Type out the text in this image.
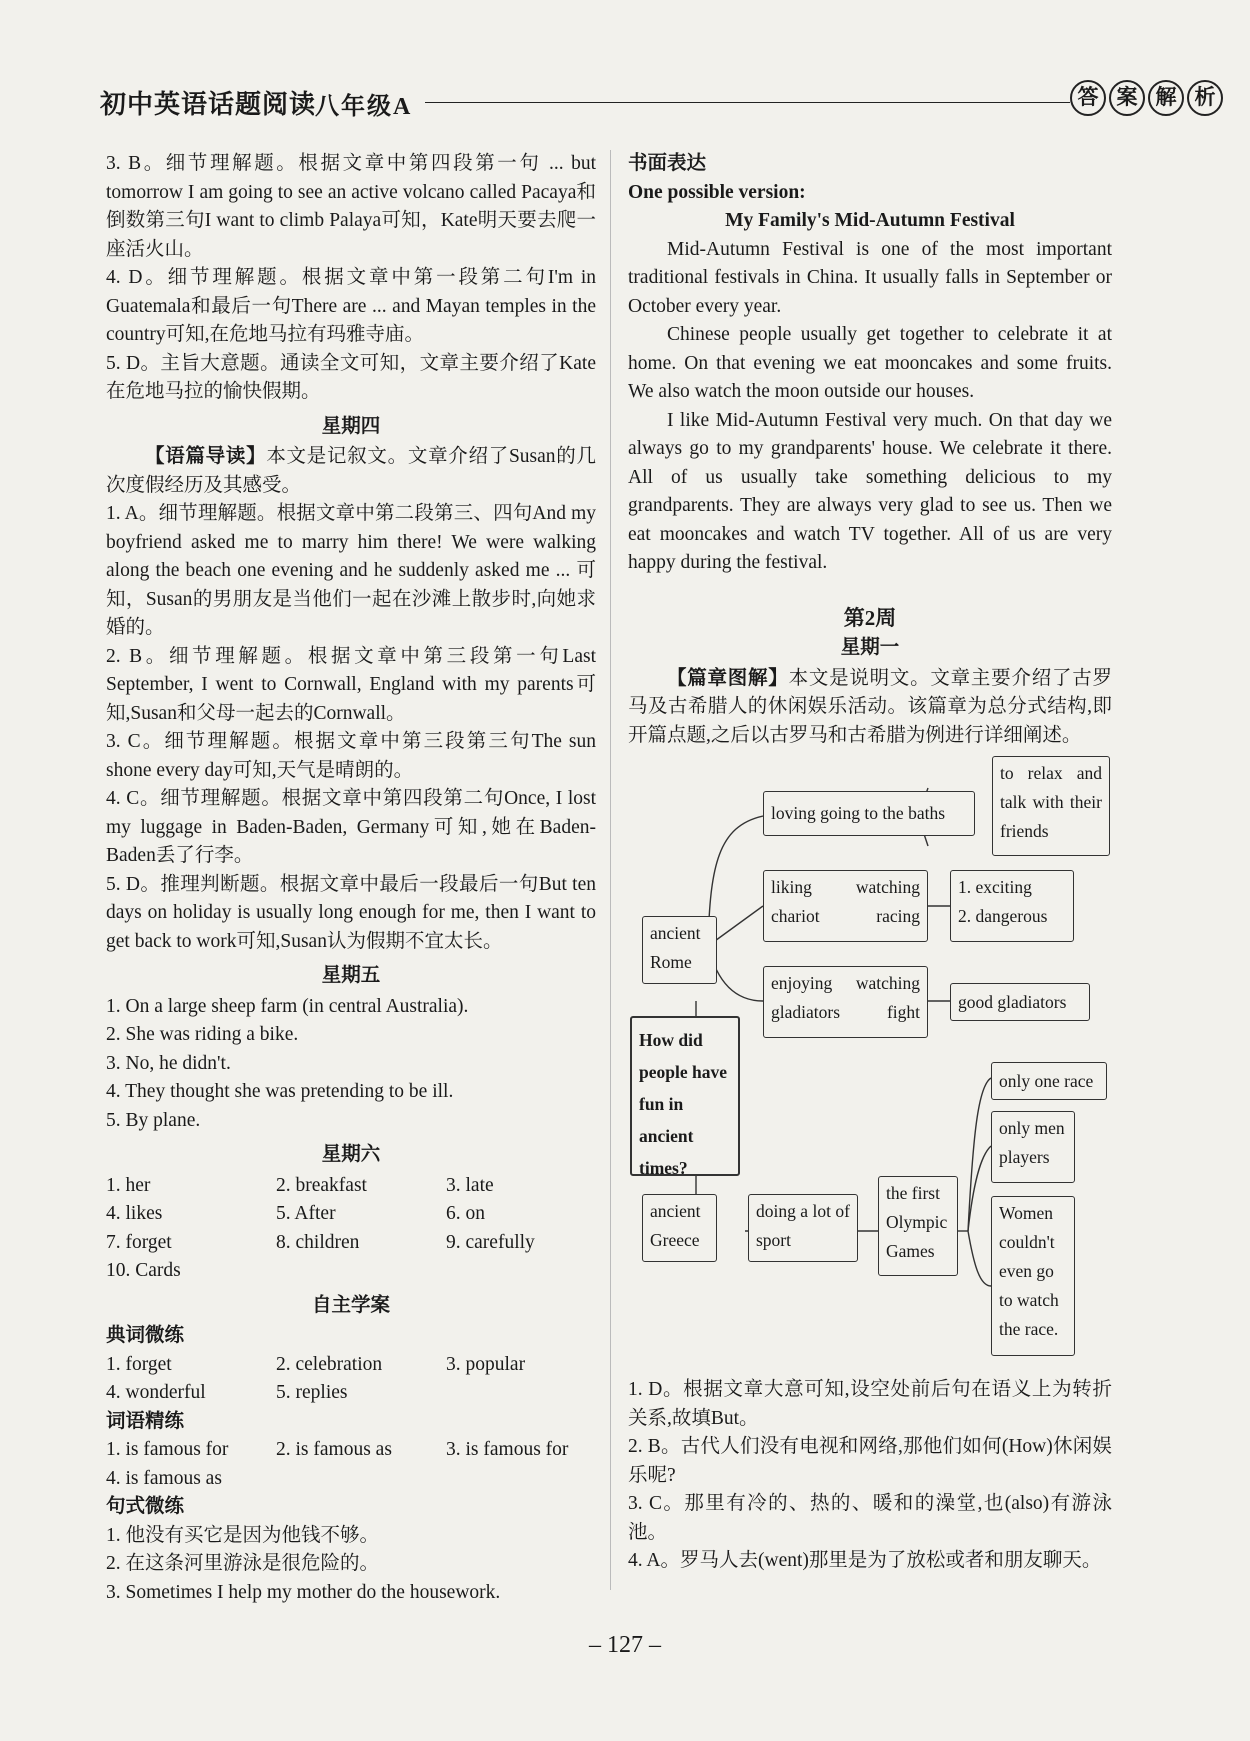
初中英语话题阅读
八年级A	答 案 解 析

3. B。细节理解题。根据文章中第四段第一句 ... but tomorrow I am going to see an active volcano called Pacaya和倒数第三句I want to climb Palaya可知，Kate明天要去爬一座活火山。

4. D。细节理解题。根据文章中第一段第二句I'm in Guatemala和最后一句There are ... and Mayan temples in the country可知,在危地马拉有玛雅寺庙。

5. D。主旨大意题。通读全文可知，文章主要介绍了Kate在危地马拉的愉快假期。

星期四

【语篇导读】本文是记叙文。文章介绍了Susan的几次度假经历及其感受。

1. A。细节理解题。根据文章中第二段第三、四句And my boyfriend asked me to marry him there! We were walking along the beach one evening and he suddenly asked me ... 可知，Susan的男朋友是当他们一起在沙滩上散步时,向她求婚的。

2. B。细节理解题。根据文章中第三段第一句Last September, I went to Cornwall, England with my parents可知,Susan和父母一起去的Cornwall。

3. C。细节理解题。根据文章中第三段第三句The sun shone every day可知,天气是晴朗的。

4. C。细节理解题。根据文章中第四段第二句Once, I lost my luggage in Baden-Baden, Germany可知,她在Baden-Baden丢了行李。

5. D。推理判断题。根据文章中最后一段最后一句But ten days on holiday is usually long enough for me, then I want to get back to work可知,Susan认为假期不宜太长。

星期五

1. On a large sheep farm (in central Australia).

2. She was riding a bike.

3. No, he didn't.

4. They thought she was pretending to be ill.

5. By plane.

星期六
1. her	2. breakfast	3. late
4. likes	5. After	6. on
7. forget	8. children	9. carefully
10. Cards
自主学案
典词微练
1. forget	2. celebration	3. popular
4. wonderful	5. replies
词语精练
1. is famous for	2. is famous as	3. is famous for
4. is famous as
句式微练

1. 他没有买它是因为他钱不够。

2. 在这条河里游泳是很危险的。

3. Sometimes I help my mother do the housework.

书面表达
One possible version:
My Family's Mid-Autumn Festival

Mid-Autumn Festival is one of the most important traditional festivals in China. It usually falls in September or October every year.

Chinese people usually get together to celebrate it at home. On that evening we eat mooncakes and some fruits. We also watch the moon outside our houses.

I like Mid-Autumn Festival very much. On that day we always go to my grandparents' house. We celebrate it there. All of us usually take something delicious to my grandparents. They are always very glad to see us. Then we eat mooncakes and watch TV together. All of us are very happy during the festival.

第2周
星期一

【篇章图解】本文是说明文。文章主要介绍了古罗马及古希腊人的休闲娱乐活动。该篇章为总分式结构,即开篇点题,之后以古罗马和古希腊为例进行详细阐述。

How did people have fun in ancient times?
ancient Rome
loving going to the baths
to relax and talk with their friends
liking watching chariot racing
1. exciting
2. dangerous
enjoying watching gladiators fight	good gladiators
ancient Greece
doing a lot of sport
the first Olympic Games
only one race
only men players
Women couldn't even go to watch the race.

1. D。根据文章大意可知,设空处前后句在语义上为转折关系,故填But。

2. B。古代人们没有电视和网络,那他们如何(How)休闲娱乐呢?

3. C。那里有冷的、热的、暖和的澡堂,也(also)有游泳池。

4. A。罗马人去(went)那里是为了放松或者和朋友聊天。

– 127 –
